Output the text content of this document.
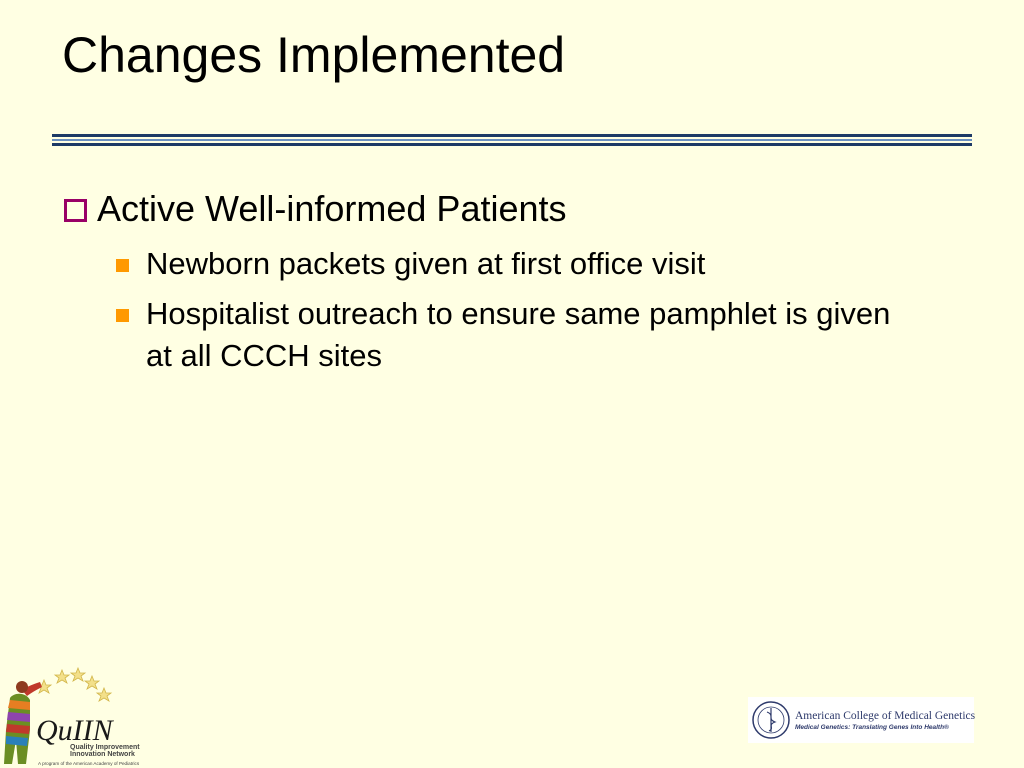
Changes Implemented
Active Well-informed Patients
Newborn packets given at first office visit
Hospitalist outreach to ensure same pamphlet is given at all CCCH sites
QuIIN
Quality Improvement
Innovation Network
A program of the American Academy of Pediatrics
American College of Medical Genetics
Medical Genetics: Translating Genes Into Health®
